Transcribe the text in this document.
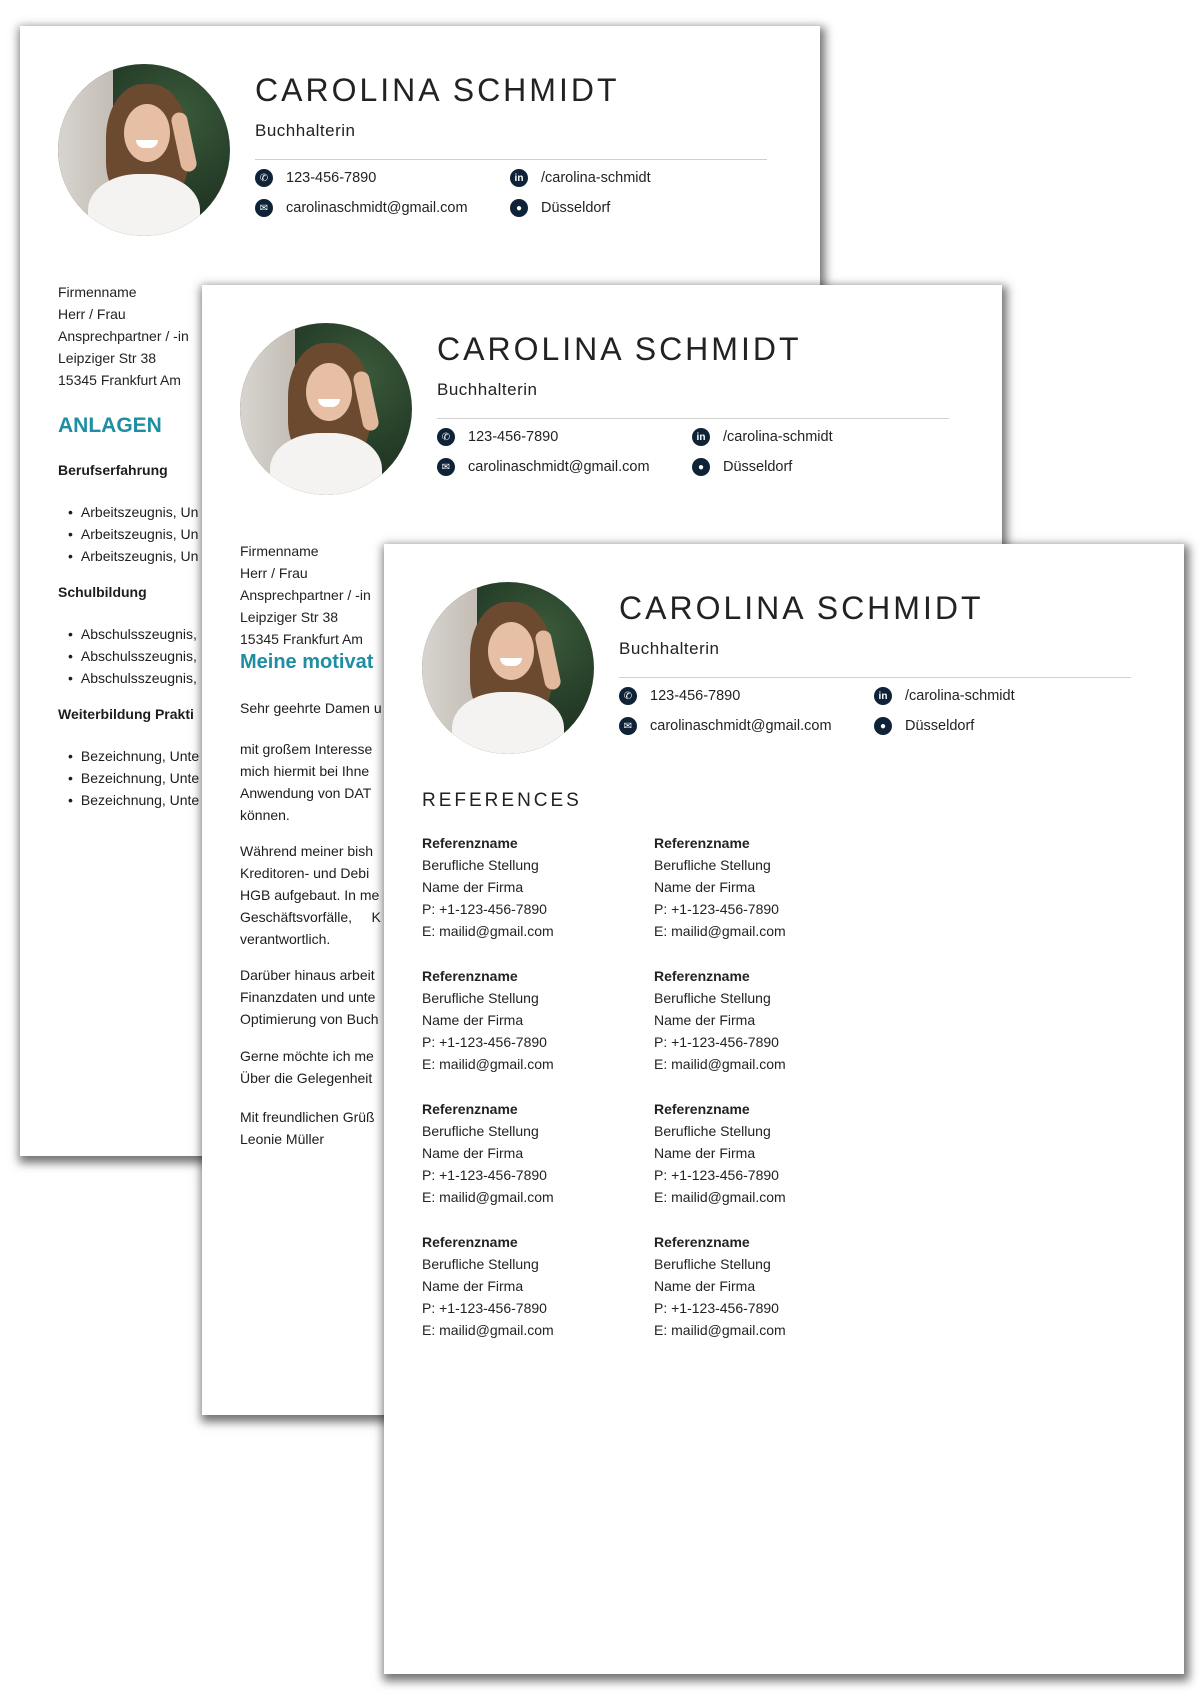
CAROLINA SCHMIDT
Buchhalterin
✆	123-456-7890
✉	carolinaschmidt@gmail.com
in	/carolina-schmidt
●	Düsseldorf
Firmenname
Herr / Frau
Ansprechpartner / -in
Leipziger Str 38
15345 Frankfurt Am
ANLAGEN
Berufserfahrung
• Arbeitszeugnis, Un
• Arbeitszeugnis, Un
• Arbeitszeugnis, Un
Schulbildung
• Abschulsszeugnis,
• Abschulsszeugnis,
• Abschulsszeugnis,
Weiterbildung Prakti
• Bezeichnung, Unte
• Bezeichnung, Unte
• Bezeichnung, Unte
CAROLINA SCHMIDT
Buchhalterin
✆	123-456-7890
✉	carolinaschmidt@gmail.com
in	/carolina-schmidt
●	Düsseldorf
Firmenname
Herr / Frau
Ansprechpartner / -in
Leipziger Str 38
15345 Frankfurt Am
Meine motivat
Sehr geehrte Damen u
mit großem Interesse
mich hiermit bei Ihne
Anwendung von DAT
können.
Während meiner bish
Kreditoren- und Debi
HGB aufgebaut. In me
Geschäftsvorfälle,     K
verantwortlich.
Darüber hinaus arbeit
Finanzdaten und unte
Optimierung von Buch
Gerne möchte ich me
Über die Gelegenheit
Mit freundlichen Grüß
Leonie Müller
CAROLINA SCHMIDT
Buchhalterin
✆	123-456-7890
✉	carolinaschmidt@gmail.com
in	/carolina-schmidt
●	Düsseldorf
REFERENCES
Referenzname
Berufliche Stellung
Name der Firma
P: +1-123-456-7890
E: mailid@gmail.com
Referenzname
Berufliche Stellung
Name der Firma
P: +1-123-456-7890
E: mailid@gmail.com
Referenzname
Berufliche Stellung
Name der Firma
P: +1-123-456-7890
E: mailid@gmail.com
Referenzname
Berufliche Stellung
Name der Firma
P: +1-123-456-7890
E: mailid@gmail.com
Referenzname
Berufliche Stellung
Name der Firma
P: +1-123-456-7890
E: mailid@gmail.com
Referenzname
Berufliche Stellung
Name der Firma
P: +1-123-456-7890
E: mailid@gmail.com
Referenzname
Berufliche Stellung
Name der Firma
P: +1-123-456-7890
E: mailid@gmail.com
Referenzname
Berufliche Stellung
Name der Firma
P: +1-123-456-7890
E: mailid@gmail.com
